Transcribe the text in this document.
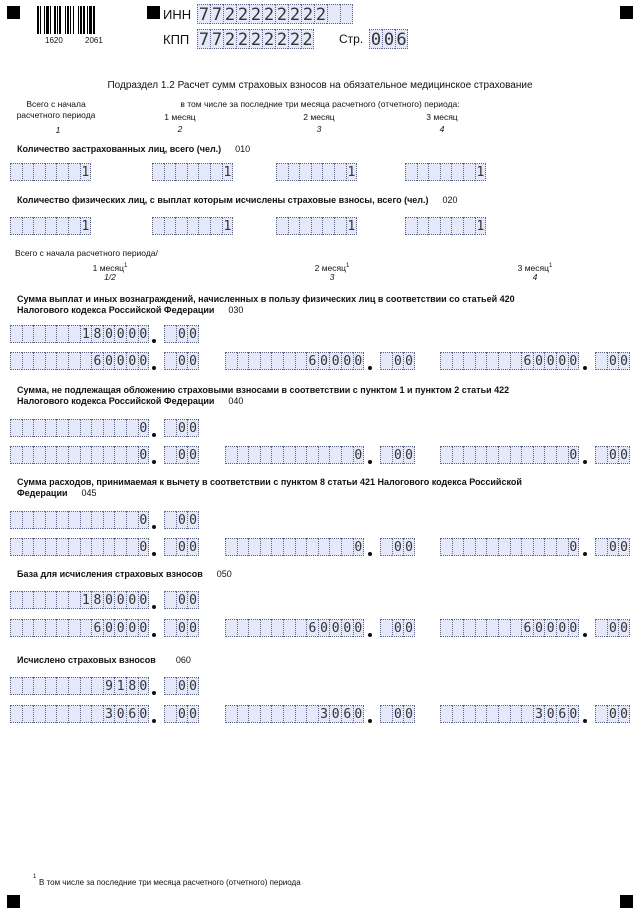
1620	2061
ИНН 7 7 2 2 2 2 2 2 2 2
КПП 7 7 2 2 2 2 2 2 2 Стр. 0 0 6
Подраздел 1.2 Расчет сумм страховых взносов на обязательное медицинское страхование
Всего с начала расчетного периода
1
в том числе за последние три месяца расчетного (отчетного) периода:
1 месяц
2
2 месяц
3
3 месяц
4
Количество застрахованных лиц, всего (чел.) 010
1	1	1	1
Количество физических лиц, с выплат которым исчислены страховые взносы, всего (чел.) 020
1	1	1	1
Всего с начала расчетного периода/
1 месяц$^1$
1/2
2 месяц$^1$
3
3 месяц$^1$
4
Сумма выплат и иных вознаграждений, начисленных в пользу физических лиц в соответствии со статьей 420
Налогового кодекса Российской Федерации 030
1 8 0 0 0 0 0 0
6 0 0 0 0 0 0	6 0 0 0 0 0 0	6 0 0 0 0 0 0
Сумма, не подлежащая обложению страховыми взносами в соответствии с пунктом 1 и пунктом 2 статьи 422
Налогового кодекса Российской Федерации 040
0 0 0
0 0 0	0 0 0	0 0 0
Сумма расходов, принимаемая к вычету в соответствии с пунктом 8 статьи 421 Налогового кодекса Российской
Федерации 045
0 0 0
0 0 0	0 0 0	0 0 0
База для исчисления страховых взносов 050
1 8 0 0 0 0 0 0
6 0 0 0 0 0 0	6 0 0 0 0 0 0	6 0 0 0 0 0 0
Исчислено страховых взносов 060
9 1 8 0 0 0
3 0 6 0 0 0	3 0 6 0 0 0	3 0 6 0 0 0
1
В том числе за последние три месяца расчетного (отчетного) периода
